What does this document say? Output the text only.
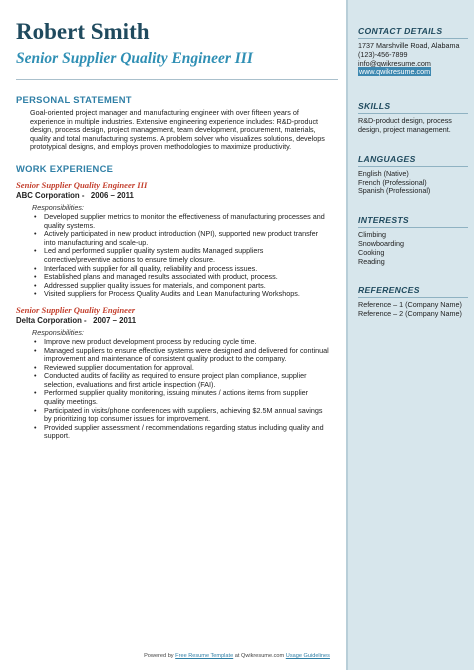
Robert Smith
Senior Supplier Quality Engineer III
PERSONAL STATEMENT
Goal-oriented project manager and manufacturing engineer with over fifteen years of experience in multiple industries. Extensive engineering experience includes: R&D-product design, process design, project management, team development, procurement, materials, quality and total manufacturing systems. A problem solver who visualizes solutions, develops prototypical designs, and employs proven methodologies to maximize productivity.
WORK EXPERIENCE
Senior Supplier Quality Engineer III
ABC Corporation -   2006 – 2011
Responsibilities:
• Developed supplier metrics to monitor the effectiveness of manufacturing processes and quality systems.
• Actively participated in new product introduction (NPI), supported new product transfer into manufacturing and scale-up.
• Led and performed supplier quality system audits Managed suppliers corrective/preventive actions to ensure timely closure.
• Interfaced with supplier for all quality, reliability and process issues.
• Established plans and managed results associated with product, process.
• Addressed supplier quality issues for materials, and component parts.
• Visited suppliers for Process Quality Audits and Lean Manufacturing Workshops.
Senior Supplier Quality Engineer
Delta Corporation -   2007 – 2011
Responsibilities:
• Improve new product development process by reducing cycle time.
• Managed suppliers to ensure effective systems were designed and delivered for continual improvement and maintenance of consistent quality product to the company.
• Reviewed supplier documentation for approval.
• Conducted audits of facility as required to ensure project plan compliance, supplier selection, evaluations and first article inspection (FAI).
• Performed supplier quality monitoring, issuing minutes / actions items from supplier quality meetings.
• Participated in visits/phone conferences with suppliers, achieving $2.5M annual savings by prioritizing top consumer issues for improvement.
• Provided supplier assessment / recommendations regarding status including quality and support.
CONTACT DETAILS
1737 Marshville Road, Alabama
(123)-456-7899
info@qwikresume.com
www.qwikresume.com
SKILLS
R&D-product design, process design, project management.
LANGUAGES
English (Native)
French (Professional)
Spanish (Professional)
INTERESTS
Climbing
Snowboarding
Cooking
Reading
REFERENCES
Reference – 1 (Company Name)
Reference – 2 (Company Name)
Powered by Free Resume Template at Qwikresume.com Usage Guidelines
